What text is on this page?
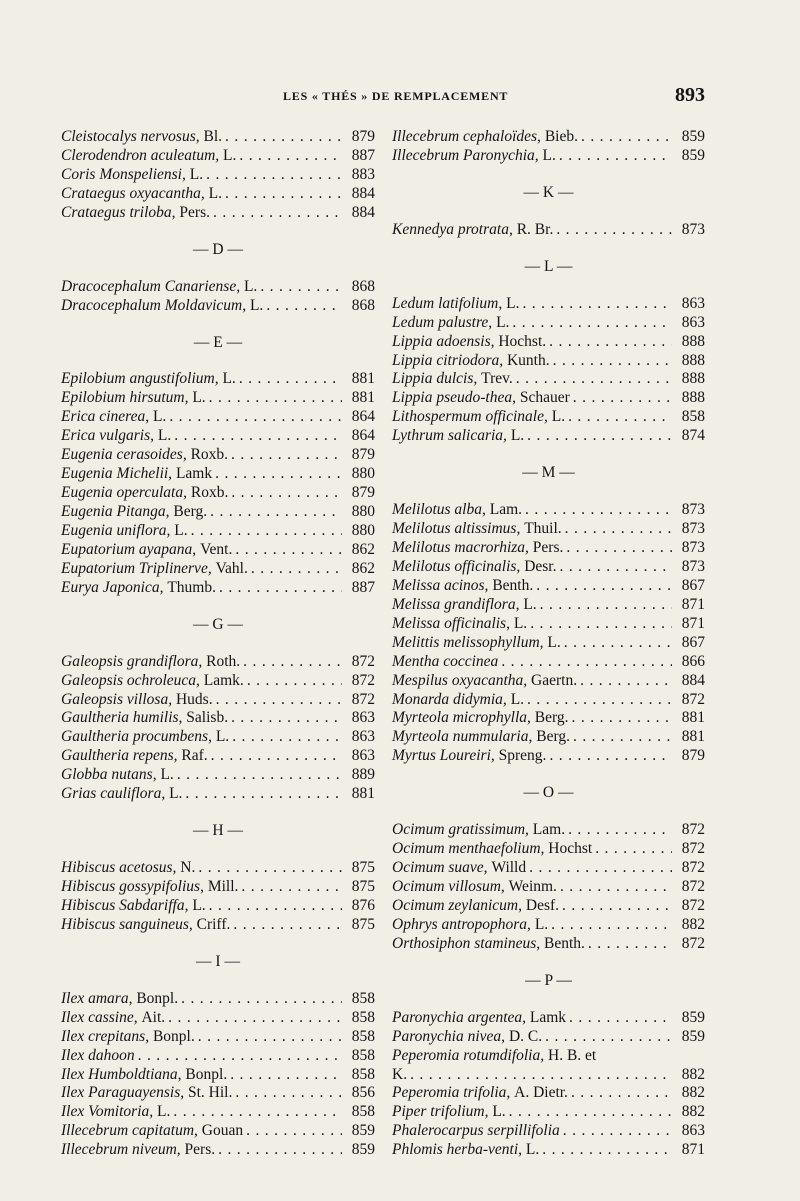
LES « THÉS » DE REMPLACEMENT	893
Cleistocalys nervosus, Bl. . . .	879
Clerodendron aculeatum, L. . . .	887
Coris Monspeliensi, L. . . .	883
Crataegus oxyacantha, L. . . .	884
Crataegus triloba, Pers. . . .	884
— D —
Dracocephalum Canariense, L. . . .	868
Dracocephalum Moldavicum, L. . . .	868
— E —
Epilobium angustifolium, L. . . .	881
Epilobium hirsutum, L. . . .	881
Erica cinerea, L. . . .	864
Erica vulgaris, L. . . .	864
Eugenia cerasoides, Roxb. . . .	879
Eugenia Michelii, Lamk . . .	880
Eugenia operculata, Roxb. . . .	879
Eugenia Pitanga, Berg. . . .	880
Eugenia uniflora, L. . . .	880
Eupatorium ayapana, Vent. . . .	862
Eupatorium Triplinerve, Vahl. . . .	862
Eurya Japonica, Thumb. . . .	887
— G —
Galeopsis grandiflora, Roth. . . .	872
Galeopsis ochroleuca, Lamk. . . .	872
Galeopsis villosa, Huds. . . .	872
Gaultheria humilis, Salisb. . . .	863
Gaultheria procumbens, L. . . .	863
Gaultheria repens, Raf. . . .	863
Globba nutans, L. . . .	889
Grias cauliflora, L. . . .	881
— H —
Hibiscus acetosus, N. . . .	875
Hibiscus gossypifolius, Mill. . . .	875
Hibiscus Sabdariffa, L. . . .	876
Hibiscus sanguineus, Criff. . . .	875
— I —
Ilex amara, Bonpl. . . .	858
Ilex cassine, Ait. . . .	858
Ilex crepitans, Bonpl. . . .	858
Ilex dahoon . . .	858
Ilex Humboldtiana, Bonpl. . . .	858
Ilex Paraguayensis, St. Hil. . . .	856
Ilex Vomitoria, L. . . .	858
Illecebrum capitatum, Gouan . . .	859
Illecebrum niveum, Pers. . . .	859
Illecebrum cephaloïdes, Bieb. . . .	859
Illecebrum Paronychia, L. . . .	859
— K —
Kennedya protrata, R. Br. . . .	873
— L —
Ledum latifolium, L. . . .	863
Ledum palustre, L. . . .	863
Lippia adoensis, Hochst. . . .	888
Lippia citriodora, Kunth. . . .	888
Lippia dulcis, Trev. . . .	888
Lippia pseudo-thea, Schauer . . .	888
Lithospermum officinale, L. . . .	858
Lythrum salicaria, L. . . .	874
— M —
Melilotus alba, Lam. . . .	873
Melilotus altissimus, Thuil. . . .	873
Melilotus macrorhiza, Pers. . . .	873
Melilotus officinalis, Desr. . . .	873
Melissa acinos, Benth. . . .	867
Melissa grandiflora, L. . . .	871
Melissa officinalis, L. . . .	871
Melittis melissophyllum, L. . . .	867
Mentha coccinea . . .	866
Mespilus oxyacantha, Gaertn. . . .	884
Monarda didymia, L. . . .	872
Myrteola microphylla, Berg. . . .	881
Myrteola nummularia, Berg. . . .	881
Myrtus Loureiri, Spreng. . . .	879
— O —
Ocimum gratissimum, Lam. . . .	872
Ocimum menthaefolium, Hochst . . .	872
Ocimum suave, Willd . . .	872
Ocimum villosum, Weinm. . . .	872
Ocimum zeylanicum, Desf. . . .	872
Ophrys antropophora, L. . . .	882
Orthosiphon stamineus, Benth. . . .	872
— P —
Paronychia argentea, Lamk . . .	859
Paronychia nivea, D. C. . . .	859
Peperomia rotumdifolia, H. B. et
K. . . .	882
Peperomia trifolia, A. Dietr. . . .	882
Piper trifolium, L. . . .	882
Phalerocarpus serpillifolia . . .	863
Phlomis herba-venti, L. . . .	871
